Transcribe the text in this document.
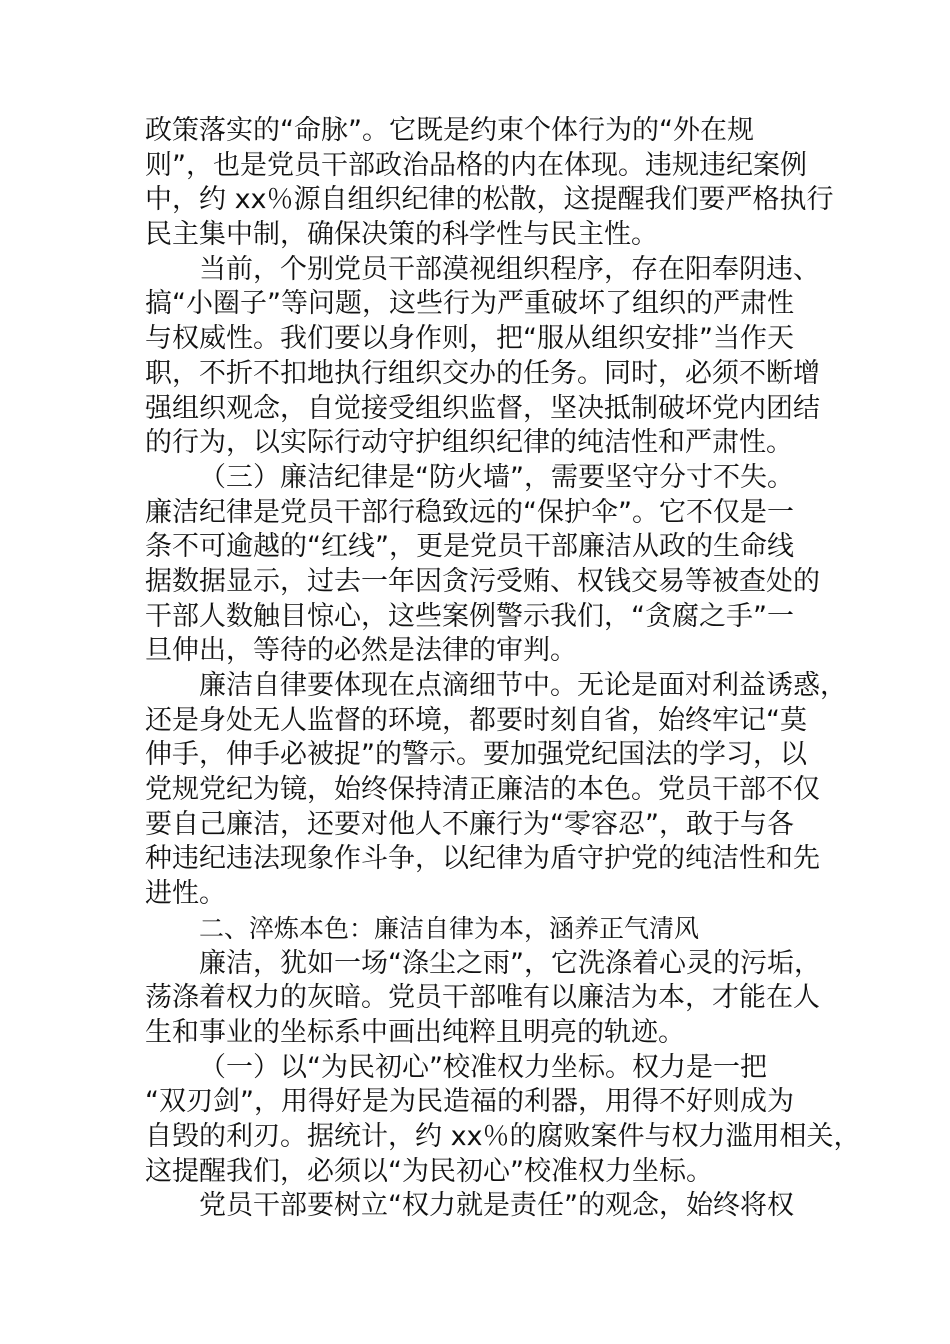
政策落实的“命脉”。它既是约束个体行为的“外在规
则”，也是党员干部政治品格的内在体现。违规违纪案例
中，约 xx％源自组织纪律的松散，这提醒我们要严格执行
民主集中制，确保决策的科学性与民主性。
当前，个别党员干部漠视组织程序，存在阳奉阴违、
搞“小圈子”等问题，这些行为严重破坏了组织的严肃性
与权威性。我们要以身作则，把“服从组织安排”当作天
职，不折不扣地执行组织交办的任务。同时，必须不断增
强组织观念，自觉接受组织监督，坚决抵制破坏党内团结
的行为，以实际行动守护组织纪律的纯洁性和严肃性。
（三）廉洁纪律是“防火墙”，需要坚守分寸不失。
廉洁纪律是党员干部行稳致远的“保护伞”。它不仅是一
条不可逾越的“红线”，更是党员干部廉洁从政的生命线
据数据显示，过去一年因贪污受贿、权钱交易等被查处的
干部人数触目惊心，这些案例警示我们，“贪腐之手”一
旦伸出，等待的必然是法律的审判。
廉洁自律要体现在点滴细节中。无论是面对利益诱惑，
还是身处无人监督的环境，都要时刻自省，始终牢记“莫
伸手，伸手必被捉”的警示。要加强党纪国法的学习，以
党规党纪为镜，始终保持清正廉洁的本色。党员干部不仅
要自己廉洁，还要对他人不廉行为“零容忍”，敢于与各
种违纪违法现象作斗争，以纪律为盾守护党的纯洁性和先
进性。
二、淬炼本色：廉洁自律为本，涵养正气清风
廉洁，犹如一场“涤尘之雨”，它洗涤着心灵的污垢，
荡涤着权力的灰暗。党员干部唯有以廉洁为本，才能在人
生和事业的坐标系中画出纯粹且明亮的轨迹。
（一）以“为民初心”校准权力坐标。权力是一把
“双刃剑”，用得好是为民造福的利器，用得不好则成为
自毁的利刃。据统计，约 xx％的腐败案件与权力滥用相关，
这提醒我们，必须以“为民初心”校准权力坐标。
党员干部要树立“权力就是责任”的观念，始终将权
